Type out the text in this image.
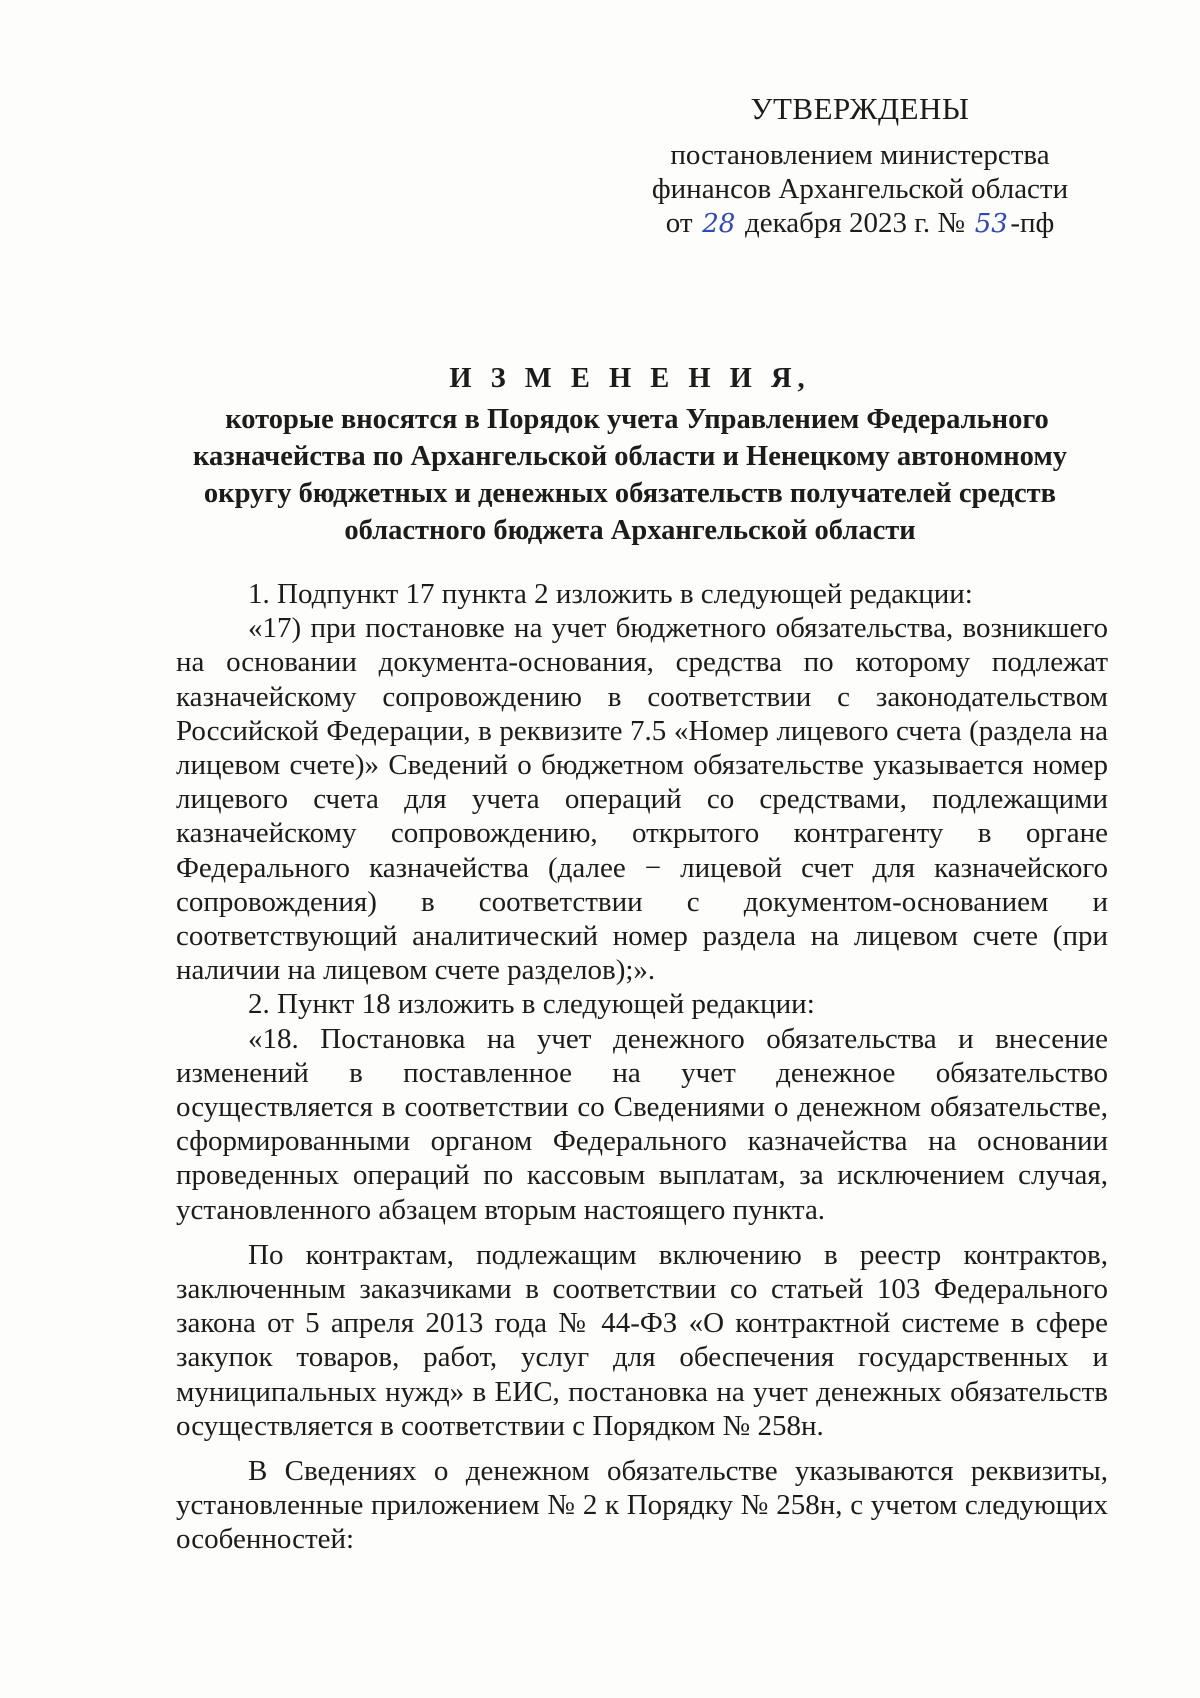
УТВЕРЖДЕНЫ
постановлением министерства
финансов Архангельской области
от 28 декабря 2023 г. № 53-пф
И З М Е Н Е Н И Я,
которые вносятся в Порядок учета Управлением Федерального
казначейства по Архангельской области и Ненецкому автономному
округу бюджетных и денежных обязательств получателей средств
областного бюджета Архангельской области

1. Подпункт 17 пункта 2 изложить в следующей редакции:

«17) при постановке на учет бюджетного обязательства, возникшего на основании документа-основания, средства по которому подлежат казначейскому сопровождению в соответствии с законодательством Российской Федерации, в реквизите 7.5 «Номер лицевого счета (раздела на лицевом счете)» Сведений о бюджетном обязательстве указывается номер лицевого счета для учета операций со средствами, подлежащими казначейскому сопровождению, открытого контрагенту в органе Федерального казначейства (далее − лицевой счет для казначейского сопровождения) в соответствии с документом-основанием и соответствующий аналитический номер раздела на лицевом счете (при наличии на лицевом счете разделов);».

2. Пункт 18 изложить в следующей редакции:

«18. Постановка на учет денежного обязательства и внесение изменений в поставленное на учет денежное обязательство осуществляется в соответствии со Сведениями о денежном обязательстве, сформированными органом Федерального казначейства на основании проведенных операций по кассовым выплатам, за исключением случая, установленного абзацем вторым настоящего пункта.

По контрактам, подлежащим включению в реестр контрактов, заключенным заказчиками в соответствии со статьей 103 Федерального закона от 5 апреля 2013 года № 44-ФЗ «О контрактной системе в сфере закупок товаров, работ, услуг для обеспечения государственных и муниципальных нужд» в ЕИС, постановка на учет денежных обязательств осуществляется в соответствии с Порядком № 258н.

В Сведениях о денежном обязательстве указываются реквизиты, установленные приложением № 2 к Порядку № 258н, с учетом следующих особенностей:
